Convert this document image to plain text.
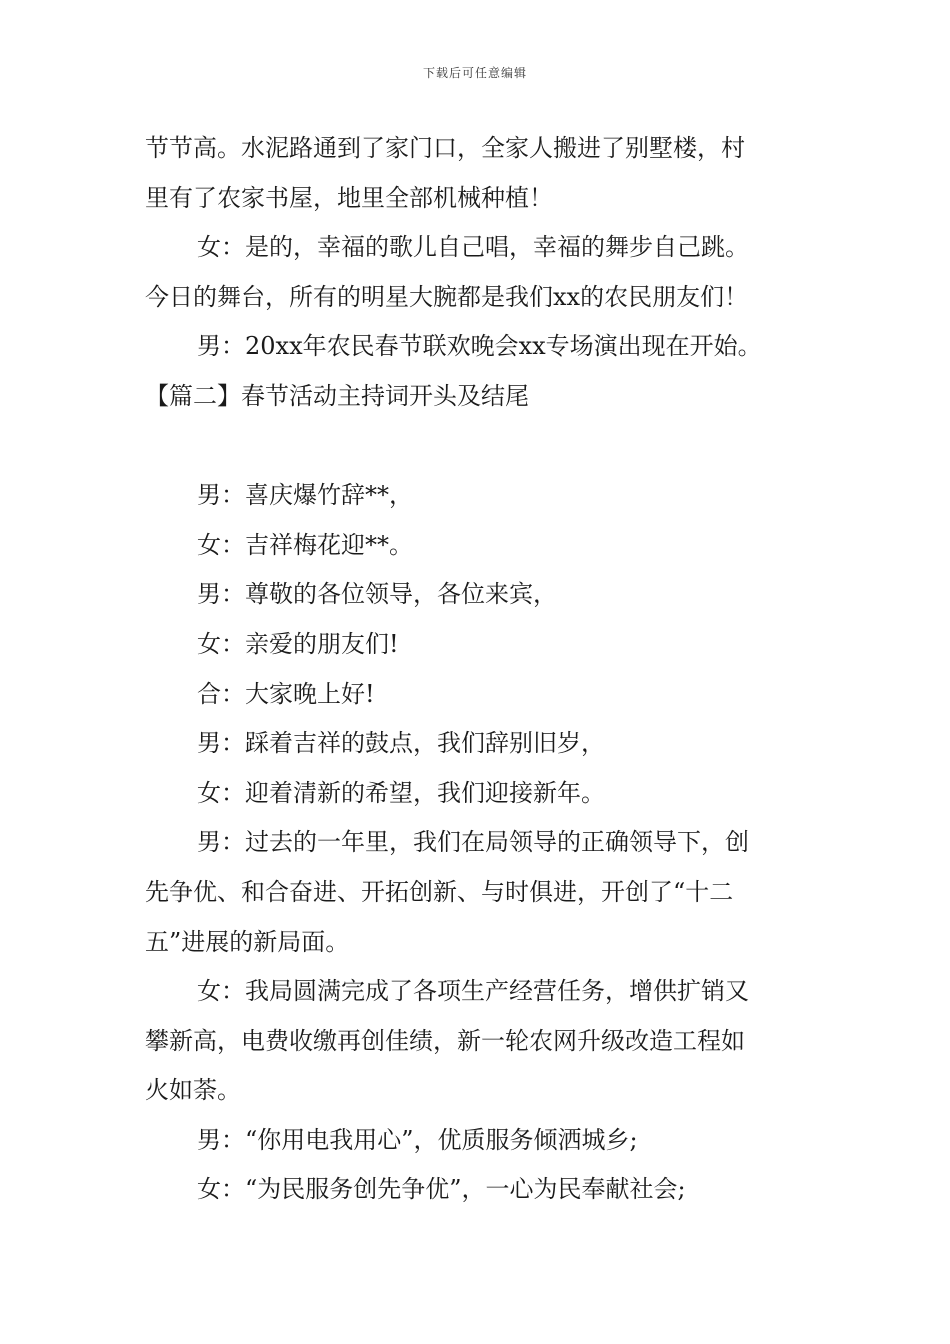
下载后可任意编辑
节节高。水泥路通到了家门口，全家人搬进了别墅楼，村
里有了农家书屋，地里全部机械种植！
女：是的，幸福的歌儿自己唱，幸福的舞步自己跳。
今日的舞台，所有的明星大腕都是我们xx的农民朋友们！
男：20xx年农民春节联欢晚会xx专场演出现在开始。
【篇二】春节活动主持词开头及结尾
男：喜庆爆竹辞**，
女：吉祥梅花迎**。
男：尊敬的各位领导，各位来宾，
女：亲爱的朋友们!
合：大家晚上好!
男：踩着吉祥的鼓点，我们辞别旧岁，
女：迎着清新的希望，我们迎接新年。
男：过去的一年里，我们在局领导的正确领导下，创
先争优、和合奋进、开拓创新、与时俱进，开创了“十二
五”进展的新局面。
女：我局圆满完成了各项生产经营任务，增供扩销又
攀新高，电费收缴再创佳绩，新一轮农网升级改造工程如
火如荼。
男：“你用电我用心”，优质服务倾洒城乡;
女：“为民服务创先争优”，一心为民奉献社会;
